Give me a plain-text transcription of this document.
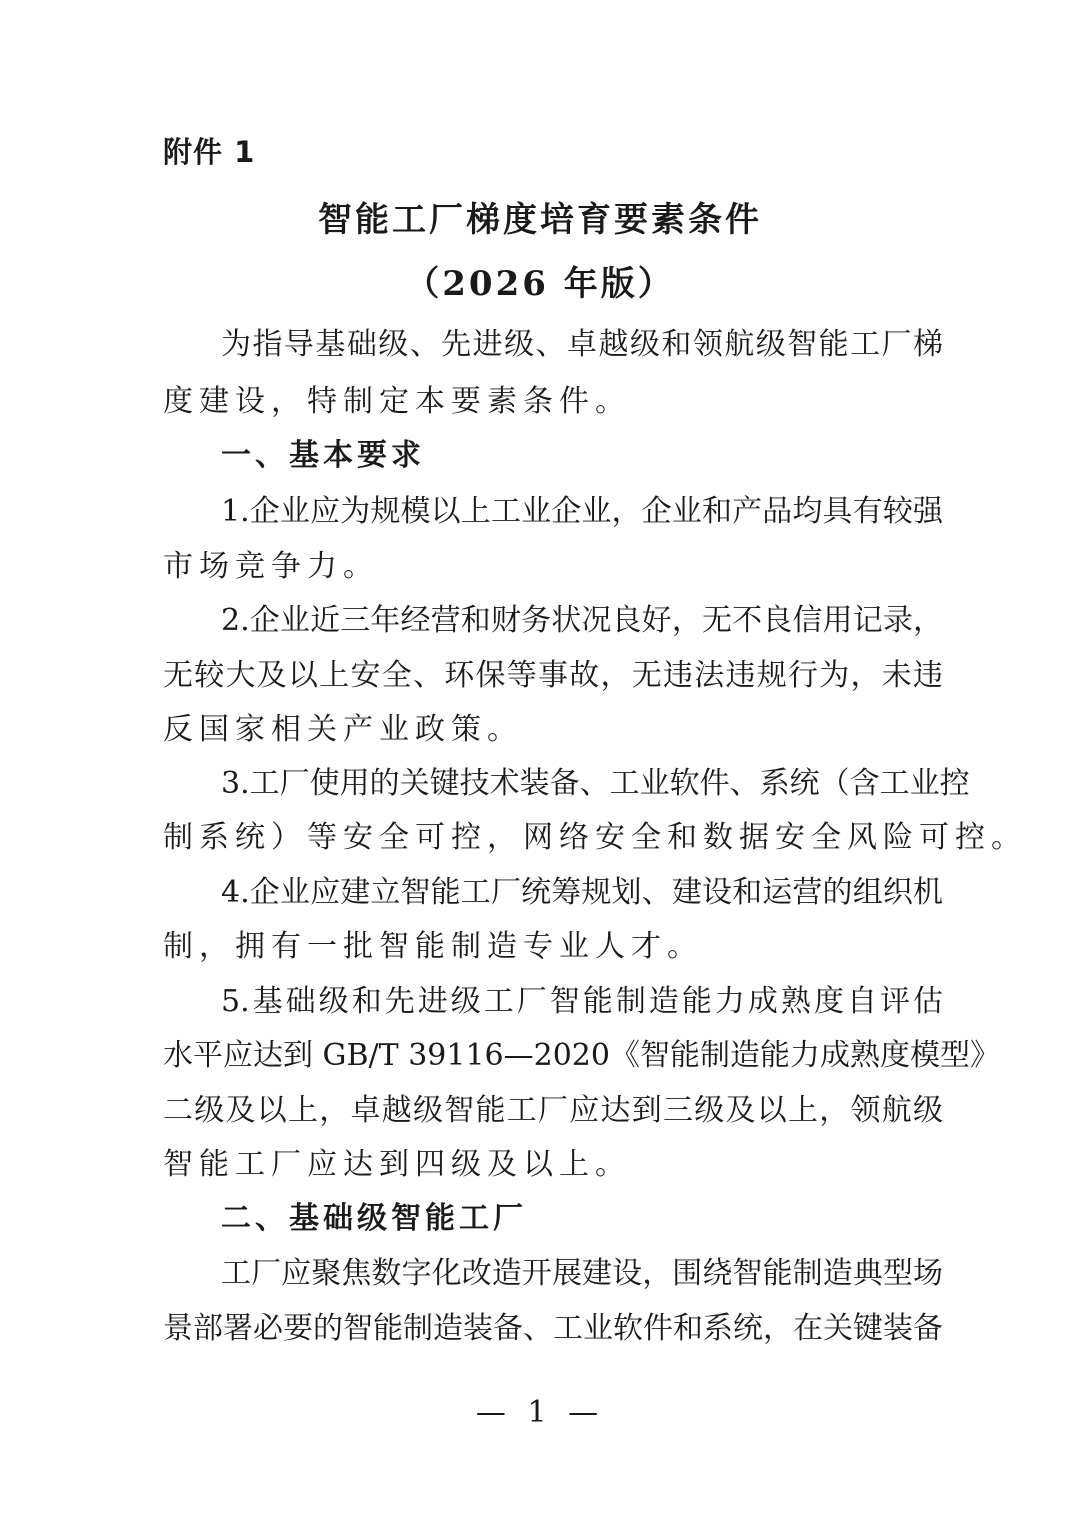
附件 1
智能工厂梯度培育要素条件
（2026 年版）
为指导基础级、先进级、卓越级和领航级智能工厂梯
度建设，特制定本要素条件。
一、基本要求
1.企业应为规模以上工业企业，企业和产品均具有较强
市场竞争力。
2.企业近三年经营和财务状况良好，无不良信用记录，
无较大及以上安全、环保等事故，无违法违规行为，未违
反国家相关产业政策。
3.工厂使用的关键技术装备、工业软件、系统（含工业控
制系统）等安全可控，网络安全和数据安全风险可控。
4.企业应建立智能工厂统筹规划、建设和运营的组织机
制，拥有一批智能制造专业人才。
5.基础级和先进级工厂智能制造能力成熟度自评估
水平应达到 GB/T 39116—2020《智能制造能力成熟度模型》
二级及以上，卓越级智能工厂应达到三级及以上，领航级
智能工厂应达到四级及以上。
二、基础级智能工厂
工厂应聚焦数字化改造开展建设，围绕智能制造典型场
景部署必要的智能制造装备、工业软件和系统，在关键装备
— 1 —
